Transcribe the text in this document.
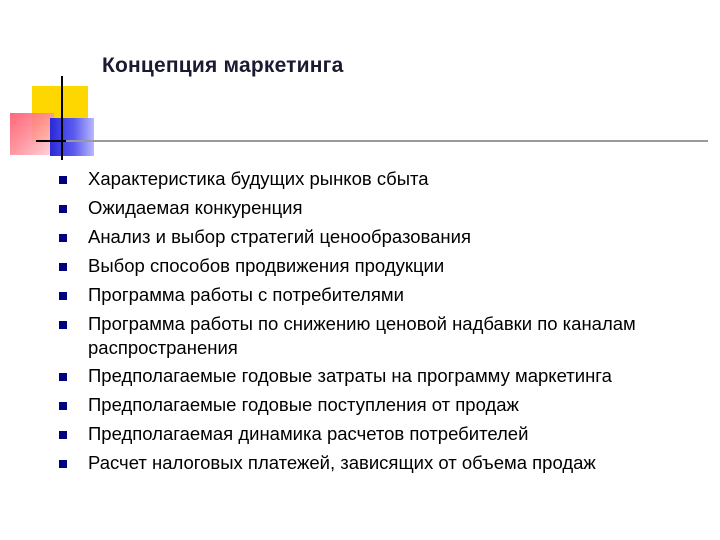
Концепция маркетинга
Характеристика будущих рынков сбыта
Ожидаемая конкуренция
Анализ и выбор стратегий ценообразования
Выбор способов продвижения продукции
Программа работы с потребителями
Программа работы по снижению ценовой надбавки по каналам распространения
Предполагаемые годовые затраты на программу маркетинга
Предполагаемые годовые поступления от продаж
Предполагаемая динамика расчетов потребителей
Расчет налоговых платежей, зависящих от объема продаж
